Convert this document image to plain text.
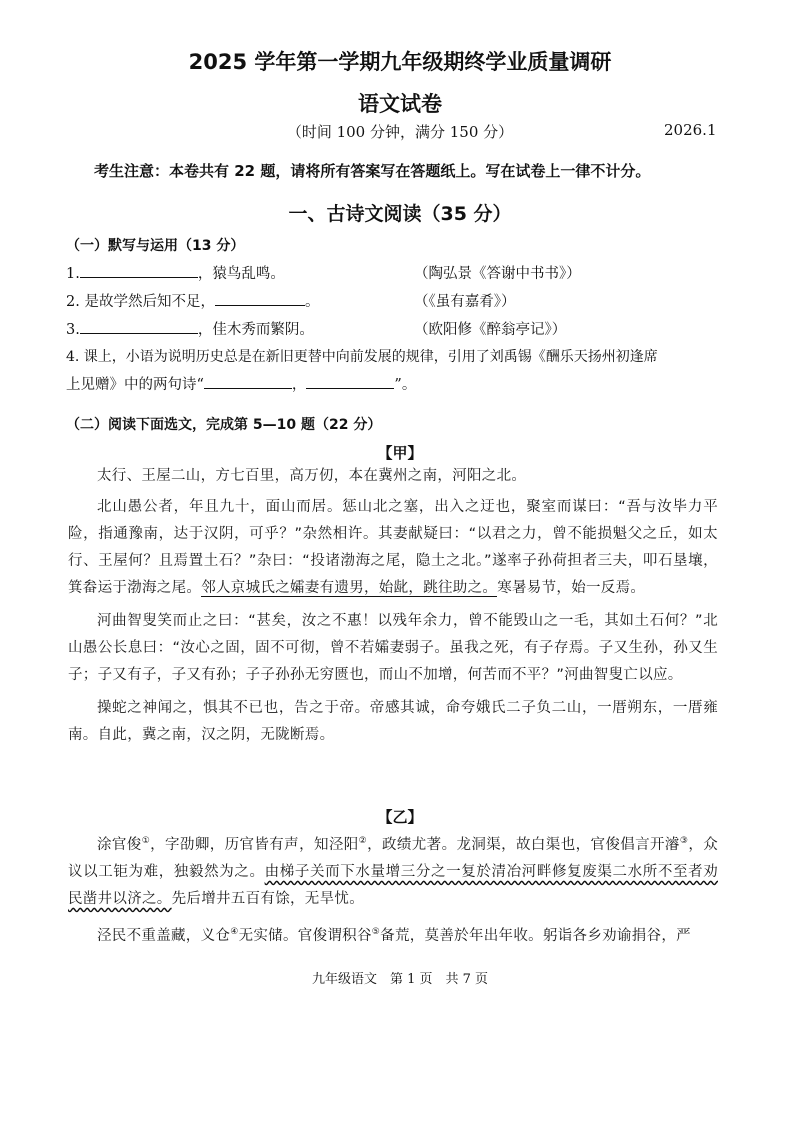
2025 学年第一学期九年级期终学业质量调研
语文试卷
（时间 100 分钟，满分 150 分）	2026.1
考生注意：本卷共有 22 题，请将所有答案写在答题纸上。写在试卷上一律不计分。
一、古诗文阅读（35 分）
（一）默写与运用（13 分）
1.	，猿鸟乱鸣。	（陶弘景《答谢中书书》）
2. 是故学然后知不足，	。	（《虽有嘉肴》）
3.	，佳木秀而繁阴。	（欧阳修《醉翁亭记》）
4. 课上，小语为说明历史总是在新旧更替中向前发展的规律，引用了刘禹锡《酬乐天扬州初逢席
上见赠》中的两句诗“	，	”。
（二）阅读下面选文，完成第 5—10 题（22 分）
【甲】

太行、王屋二山，方七百里，高万仞，本在冀州之南，河阳之北。

北山愚公者，年且九十，面山而居。惩山北之塞，出入之迂也，聚室而谋曰：“吾与汝毕力平险，指通豫南，达于汉阴，可乎？”杂然相许。其妻献疑曰：“以君之力，曾不能损魁父之丘，如太行、王屋何？且焉置土石？”杂曰：“投诸渤海之尾，隐土之北。”遂率子孙荷担者三夫，叩石垦壤，箕畚运于渤海之尾。邻人京城氏之孀妻有遗男，始龀，跳往助之。寒暑易节，始一反焉。

河曲智叟笑而止之曰：“甚矣，汝之不惠！以残年余力，曾不能毁山之一毛，其如土石何？”北山愚公长息曰：“汝心之固，固不可彻，曾不若孀妻弱子。虽我之死，有子存焉。子又生孙，孙又生子；子又有子，子又有孙；子子孙孙无穷匮也，而山不加增，何苦而不平？”河曲智叟亡以应。

操蛇之神闻之，惧其不已也，告之于帝。帝感其诚，命夸娥氏二子负二山，一厝朔东，一厝雍南。自此，冀之南，汉之阴，无陇断焉。

【乙】

涂官俊①，字劭卿，历官皆有声，知泾阳②，政绩尤著。龙洞渠，故白渠也，官俊倡言开濬③，众议以工钜为难，独毅然为之。由梯子关而下水量增三分之一复於清冶河畔修复废渠二水所不至者劝民凿井以济之。先后增井五百有馀，无旱忧。

泾民不重盖藏，义仓④无实储。官俊谓积谷⑤备荒，莫善於年出年收。躬诣各乡劝谕捐谷，严

九年级语文　第 1 页　共 7 页
